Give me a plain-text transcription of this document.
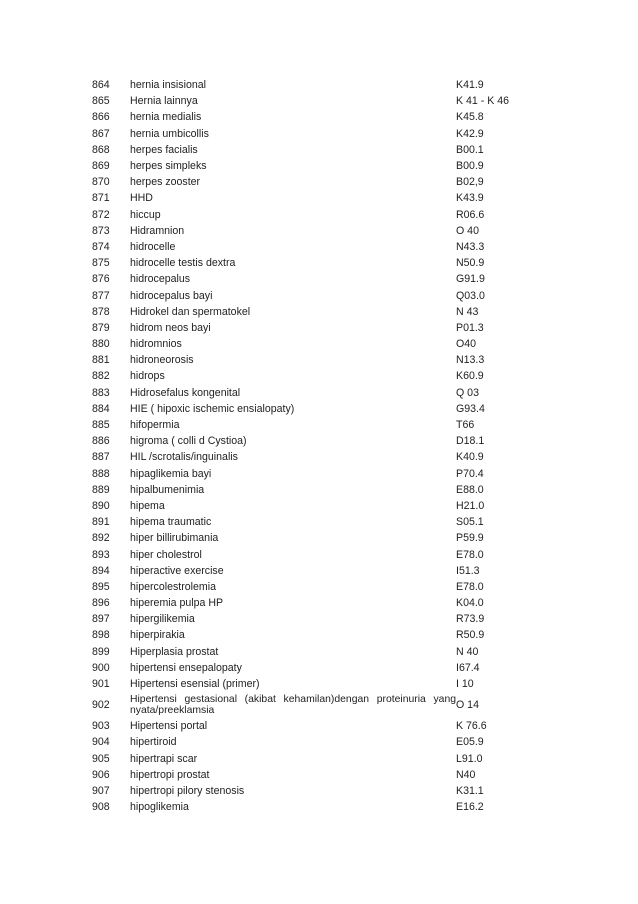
864	hernia insisional	K41.9
865	Hernia lainnya	K 41 - K 46
866	hernia medialis	K45.8
867	hernia umbicollis	K42.9
868	herpes facialis	B00.1
869	herpes simpleks	B00.9
870	herpes zooster	B02,9
871	HHD	K43.9
872	hiccup	R06.6
873	Hidramnion	O 40
874	hidrocelle	N43.3
875	hidrocelle testis dextra	N50.9
876	hidrocepalus	G91.9
877	hidrocepalus bayi	Q03.0
878	Hidrokel dan spermatokel	N 43
879	hidrom neos bayi	P01.3
880	hidromnios	O40
881	hidroneorosis	N13.3
882	hidrops	K60.9
883	Hidrosefalus kongenital	Q 03
884	HIE ( hipoxic ischemic ensialopaty)	G93.4
885	hifopermia	T66
886	higroma ( colli d Cystioa)	D18.1
887	HIL /scrotalis/inguinalis	K40.9
888	hipaglikemia bayi	P70.4
889	hipalbumenimia	E88.0
890	hipema	H21.0
891	hipema traumatic	S05.1
892	hiper billirubimania	P59.9
893	hiper cholestrol	E78.0
894	hiperactive exercise	I51.3
895	hipercolestrolemia	E78.0
896	hiperemia pulpa HP	K04.0
897	hipergilikemia	R73.9
898	hiperpirakia	R50.9
899	Hiperplasia prostat	N 40
900	hipertensi ensepalopaty	I67.4
901	Hipertensi esensial (primer)	I 10
902	Hipertensi gestasional (akibat kehamilan)dengan proteinuria yang nyata/preeklamsia	O 14
903	Hipertensi portal	K 76.6
904	hipertiroid	E05.9
905	hipertrapi scar	L91.0
906	hipertropi prostat	N40
907	hipertropi pilory stenosis	K31.1
908	hipoglikemia	E16.2
